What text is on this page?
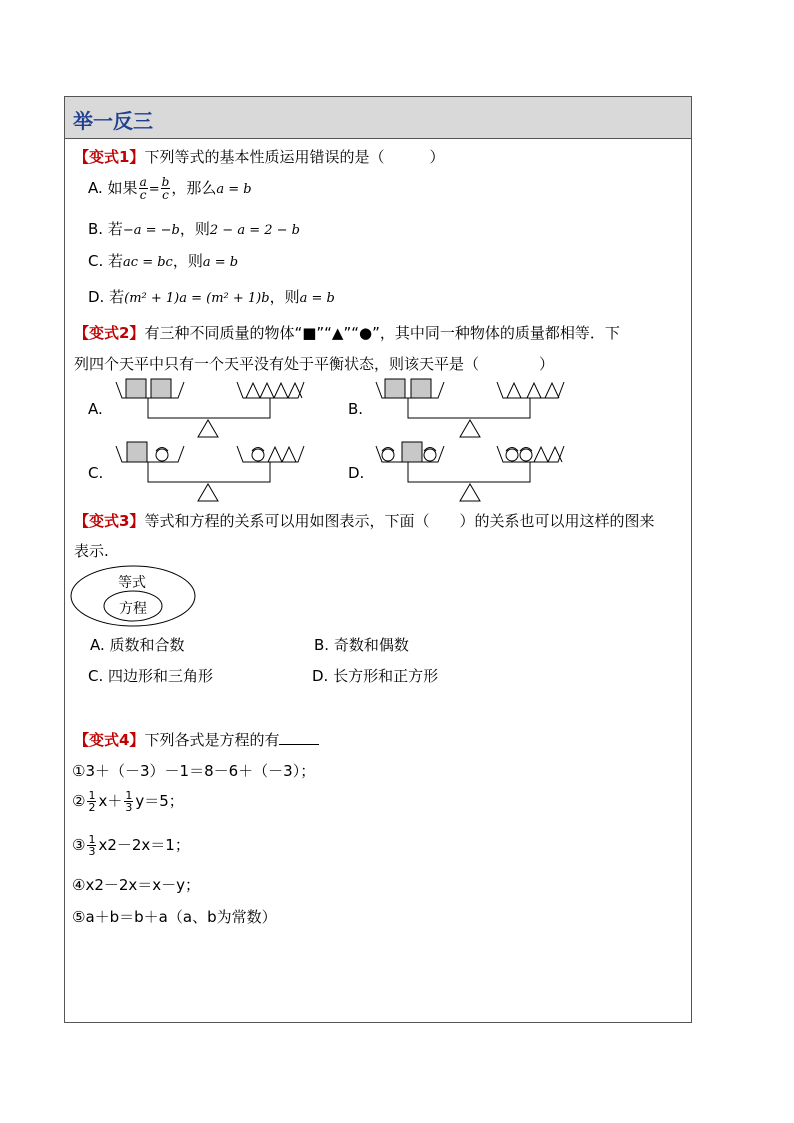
举一反三
【变式1】下列等式的基本性质运用错误的是（　　　）
A. 如果 $\frac{a}{c} = \frac{b}{c}$ ，那么a = b
B. 若−a = −b，则2 − a = 2 − b
C. 若ac = bc，则a = b
D. 若(m² + 1)a = (m² + 1)b，则a = b
【变式2】有三种不同质量的物体“■”“▲”“●”，其中同一种物体的质量都相等．下
列四个天平中只有一个天平没有处于平衡状态，则该天平是（　　　　）
A.	B.
C.	D.
【变式3】等式和方程的关系可以用如图表示，下面（　　）的关系也可以用这样的图来
表示.
等式
方程
A. 质数和合数	B. 奇数和偶数
C. 四边形和三角形	D. 长方形和正方形
【变式4】下列各式是方程的有
①3＋（－3）－1＝8－6＋（－3）；
② $\frac{1}{2} x+ \frac{1}{3} y=5$；
③ $\frac{1}{3} x2-2x=1$；
④x2－2x＝x－y；
⑤a＋b＝b＋a（a、b为常数）
